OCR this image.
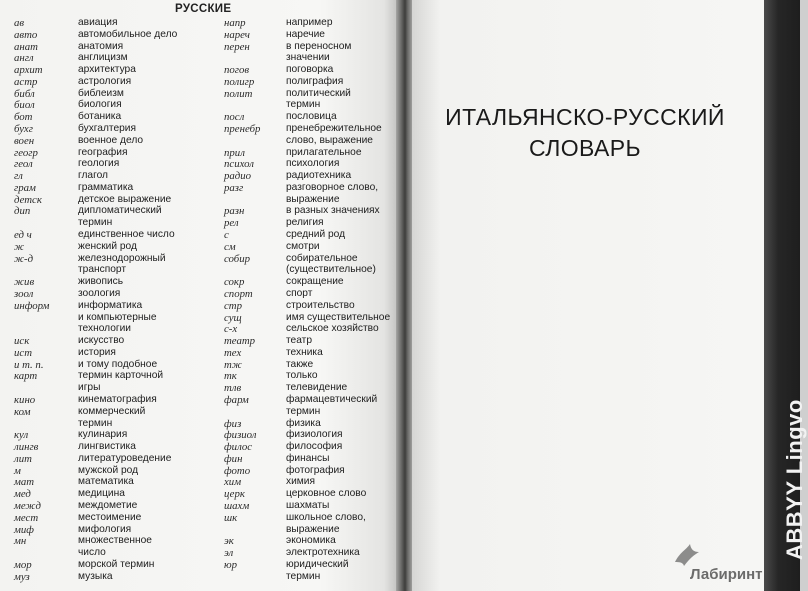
РУССКИЕ
ав	авиация
авто	автомобильное дело
анат	анатомия
англ	англицизм
архит	архитектура
астр	астрология
библ	библеизм
биол	биология
бот	ботаника
бухг	бухгалтерия
воен	военное дело
геогр	география
геол	геология
гл	глагол
грам	грамматика
детск	детское выражение
дип	дипломатический
термин
ед ч	единственное число
ж	женский род
ж-д	железнодорожный
транспорт
жив	живопись
зоол	зоология
информ	информатика
и компьютерные
технологии
иск	искусство
ист	история
и т. п.	и тому подобное
карт	термин карточной
игры
кино	кинематография
ком	коммерческий
термин
кул	кулинария
лингв	лингвистика
лит	литературоведение
м	мужской род
мат	математика
мед	медицина
межд	междометие
мест	местоимение
миф	мифология
мн	множественное
число
мор	морской термин
муз	музыка
напр	например
нареч	наречие
перен	в переносном
значении
погов	поговорка
полигр	полиграфия
полит	политический
термин
посл	пословица
пренебр	пренебрежительное
слово, выражение
прил	прилагательное
психол	психология
радио	радиотехника
разг	разговорное слово,
выражение
разн	в разных значениях
рел	религия
с	средний род
см	смотри
собир	собирательное
(существительное)
сокр	сокращение
спорт	спорт
стр	строительство
сущ	имя существительное
с-х	сельское хозяйство
театр	театр
тех	техника
тж	также
тк	только
тлв	телевидение
фарм	фармацевтический
термин
физ	физика
физиол	физиология
филос	философия
фин	финансы
фото	фотография
хим	химия
церк	церковное слово
шахм	шахматы
шк	школьное слово,
выражение
эк	экономика
эл	электротехника
юр	юридический
термин
ИТАЛЬЯНСКО-РУССКИЙ
СЛОВАРЬ
ABBYY Lingvo
Лабиринт
